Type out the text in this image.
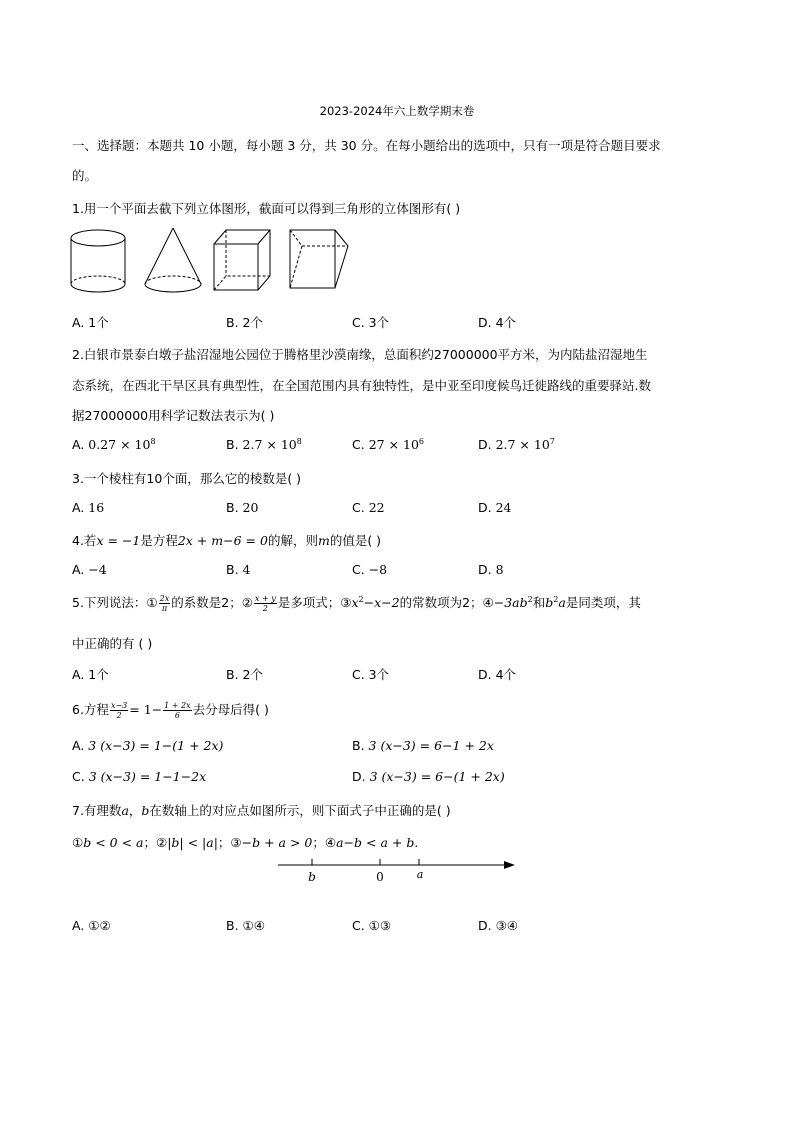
2023-2024年六上数学期末卷
一、选择题：本题共 10 小题，每小题 3 分，共 30 分。在每小题给出的选项中，只有一项是符合题目要求
的。
1.用一个平面去截下列立体图形，截面可以得到三角形的立体图形有( )
A. 1个	B. 2个	C. 3个	D. 4个
2.白银市景泰白墩子盐沼湿地公园位于腾格里沙漠南缘，总面积约27000000平方米，为内陆盐沼湿地生
态系统，在西北干旱区具有典型性，在全国范围内具有独特性，是中亚至印度候鸟迁徙路线的重要驿站.数
据27000000用科学记数法表示为( )
A. $0.27 \times 10^8$	B. $2.7 \times 10^8$	C. $27 \times 10^6$	D. $2.7 \times 10^7$
3.一个棱柱有10个面，那么它的棱数是( )
A. 16	B. 20	C. 22	D. 24
4.若x = −1是方程2x + m−6 = 0的解，则m的值是( )
A. −4	B. 4	C. −8	D. 8
5.下列说法：① $\frac{2x}{\pi}$ 的系数是2；② $\frac{x + y}{2}$ 是多项式；$③x^2-x-2$的常数项为2；$④-3ab^2$和$b^2a$是同类项，其
中正确的有 ( )
A. 1个	B. 2个	C. 3个	D. 4个
6.方程 $\frac{x-3}{2} = 1- \frac{1 + 2x}{6}$ 去分母后得( )
A. 3 (x−3) = 1−(1 + 2x)	B. 3 (x−3) = 6−1 + 2x
C. 3 (x−3) = 1−1−2x	D. 3 (x−3) = 6−(1 + 2x)
7.有理数a，b在数轴上的对应点如图所示，则下面式子中正确的是( )
①b < 0 < a；②|b| < |a|；③−b + a > 0；④a−b < a + b.
b	0	a
A. ①②	B. ①④	C. ①③	D. ③④
